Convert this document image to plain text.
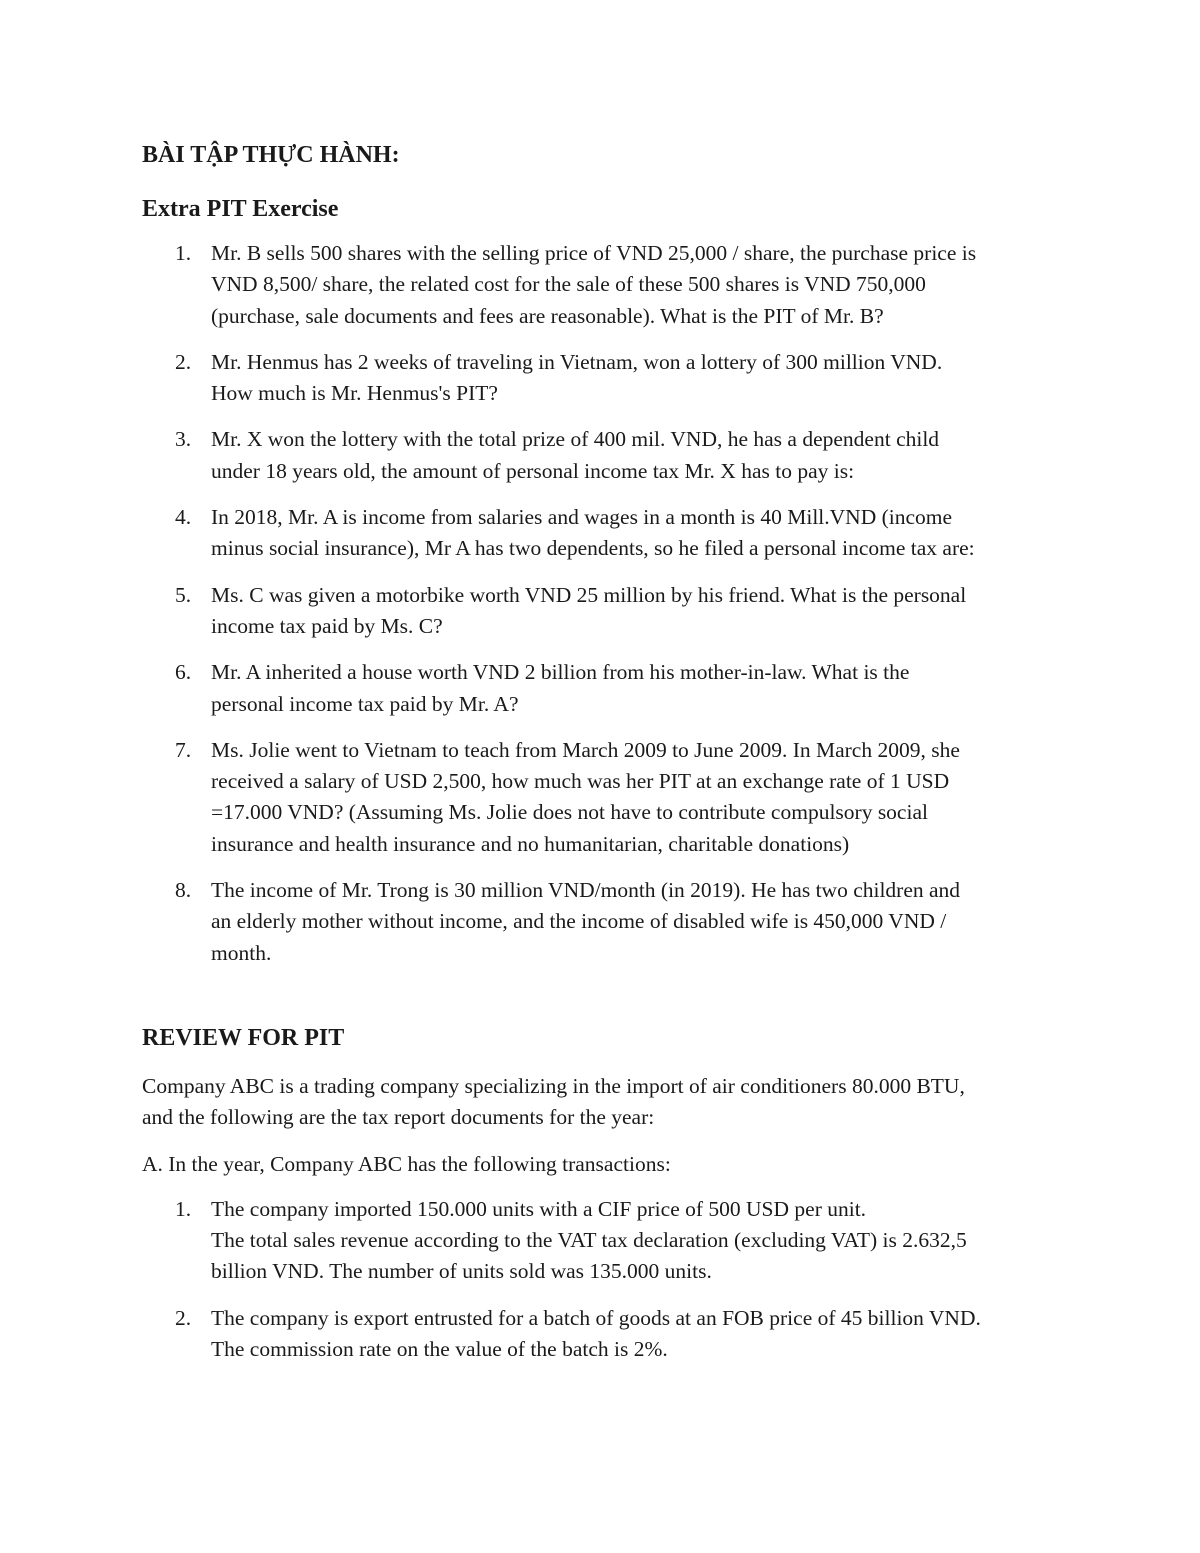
BÀI TẬP THỰC HÀNH:
Extra PIT Exercise
1. Mr. B sells 500 shares with the selling price of VND 25,000 / share, the purchase price is
VND 8,500/ share, the related cost for the sale of these 500 shares is VND 750,000
(purchase, sale documents and fees are reasonable). What is the PIT of Mr. B?
2. Mr. Henmus has 2 weeks of traveling in Vietnam, won a lottery of 300 million VND.
How much is Mr. Henmus's PIT?
3. Mr. X won the lottery with the total prize of 400 mil. VND, he has a dependent child
under 18 years old, the amount of personal income tax Mr. X has to pay is:
4. In 2018, Mr. A is income from salaries and wages in a month is 40 Mill.VND (income
minus social insurance), Mr A has two dependents, so he filed a personal income tax are:
5. Ms. C was given a motorbike worth VND 25 million by his friend. What is the personal
income tax paid by Ms. C?
6. Mr. A inherited a house worth VND 2 billion from his mother-in-law. What is the
personal income tax paid by Mr. A?
7. Ms. Jolie went to Vietnam to teach from March 2009 to June 2009. In March 2009, she
received a salary of USD 2,500, how much was her PIT at an exchange rate of 1 USD
=17.000 VND? (Assuming Ms. Jolie does not have to contribute compulsory social
insurance and health insurance and no humanitarian, charitable donations)
8. The income of Mr. Trong is 30 million VND/month (in 2019). He has two children and
an elderly mother without income, and the income of disabled wife is 450,000 VND /
month.
REVIEW FOR PIT

Company ABC is a trading company specializing in the import of air conditioners 80.000 BTU,
and the following are the tax report documents for the year:

A. In the year, Company ABC has the following transactions:

1. The company imported 150.000 units with a CIF price of 500 USD per unit.
The total sales revenue according to the VAT tax declaration (excluding VAT) is 2.632,5
billion VND. The number of units sold was 135.000 units.
2. The company is export entrusted for a batch of goods at an FOB price of 45 billion VND.
The commission rate on the value of the batch is 2%.
